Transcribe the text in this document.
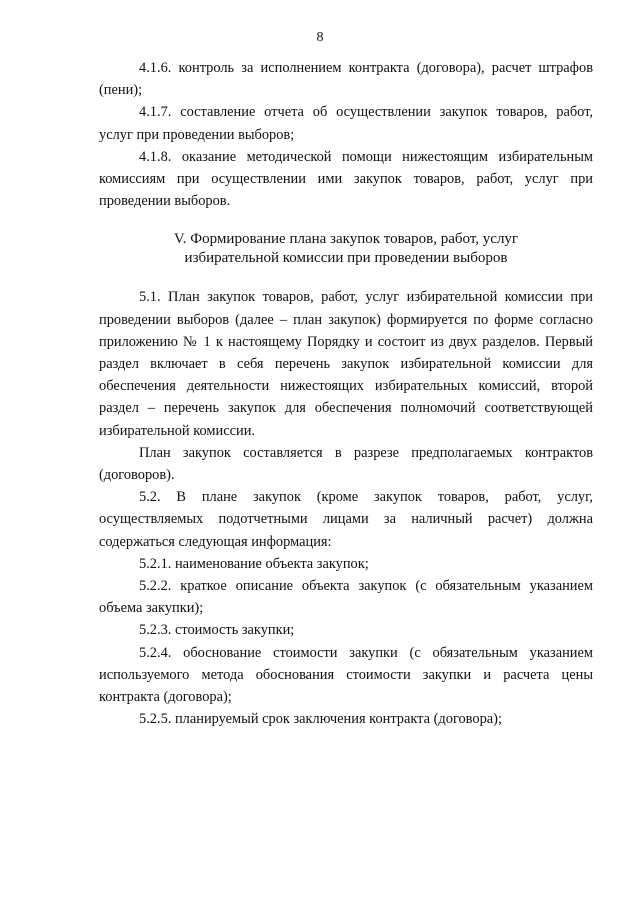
8

4.1.6. контроль за исполнением контракта (договора), расчет штрафов (пени);

4.1.7. составление отчета об осуществлении закупок товаров, работ, услуг при проведении выборов;

4.1.8. оказание методической помощи нижестоящим избирательным комиссиям при осуществлении ими закупок товаров, работ, услуг при проведении выборов.

V. Формирование плана закупок товаров, работ, услуг
избирательной комиссии при проведении выборов

5.1. План закупок товаров, работ, услуг избирательной комиссии при проведении выборов (далее – план закупок) формируется по форме согласно приложению № 1 к настоящему Порядку и состоит из двух разделов. Первый раздел включает в себя перечень закупок избирательной комиссии для обеспечения деятельности нижестоящих избирательных комиссий, второй раздел – перечень закупок для обеспечения полномочий соответствующей избирательной комиссии.

План закупок составляется в разрезе предполагаемых контрактов (договоров).

5.2. В плане закупок (кроме закупок товаров, работ, услуг, осуществляемых подотчетными лицами за наличный расчет) должна содержаться следующая информация:

5.2.1. наименование объекта закупок;

5.2.2. краткое описание объекта закупок (с обязательным указанием объема закупки);

5.2.3. стоимость закупки;

5.2.4. обоснование стоимости закупки (с обязательным указанием используемого метода обоснования стоимости закупки и расчета цены контракта (договора);

5.2.5. планируемый срок заключения контракта (договора);
